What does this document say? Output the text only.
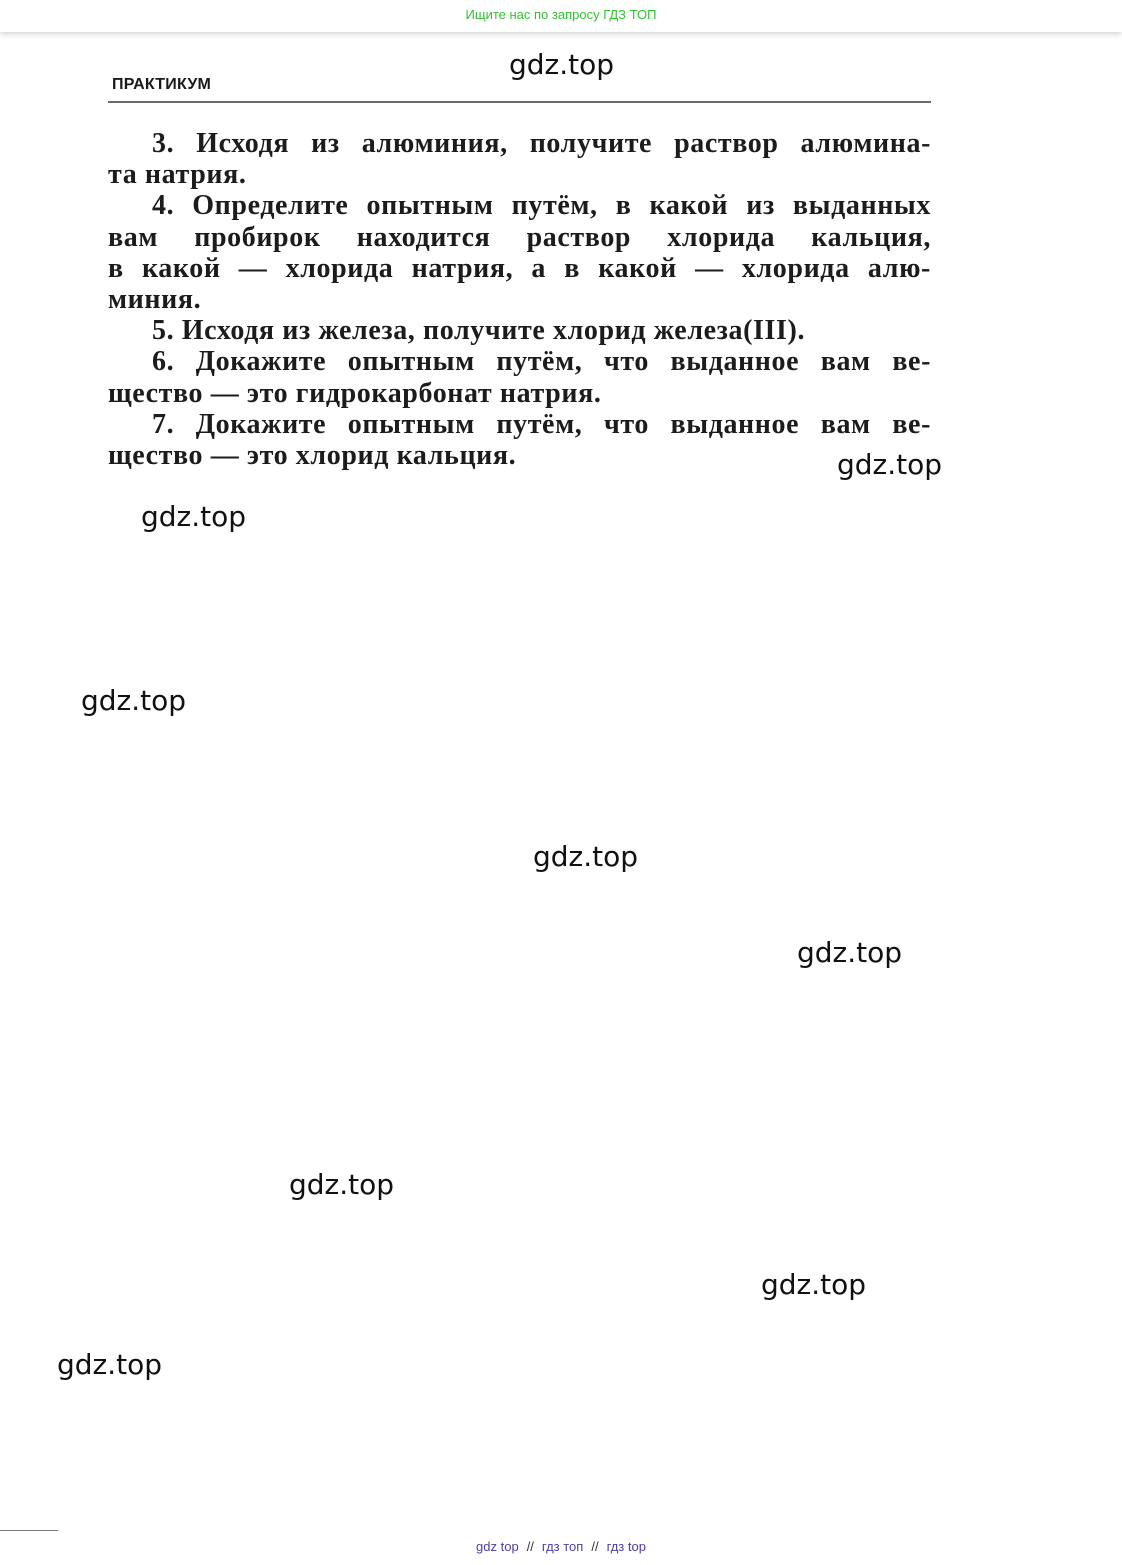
Ищите нас по запросу ГДЗ ТОП
ПРАКТИКУМ
3. Исходя из алюминия, получите раствор алюмина-
та натрия.
4. Определите опытным путём, в какой из выданных
вам пробирок находится раствор хлорида кальция,
в какой — хлорида натрия, а в какой — хлорида алю-
миния.
5. Исходя из железа, получите хлорид железа(III).
6. Докажите опытным путём, что выданное вам ве-
щество — это гидрокарбонат натрия.
7. Докажите опытным путём, что выданное вам ве-
щество — это хлорид кальция.
gdz.top
gdz.top
gdz.top
gdz.top
gdz.top
gdz.top
gdz.top
gdz.top
gdz.top
gdz top // гдз топ // гдз top
